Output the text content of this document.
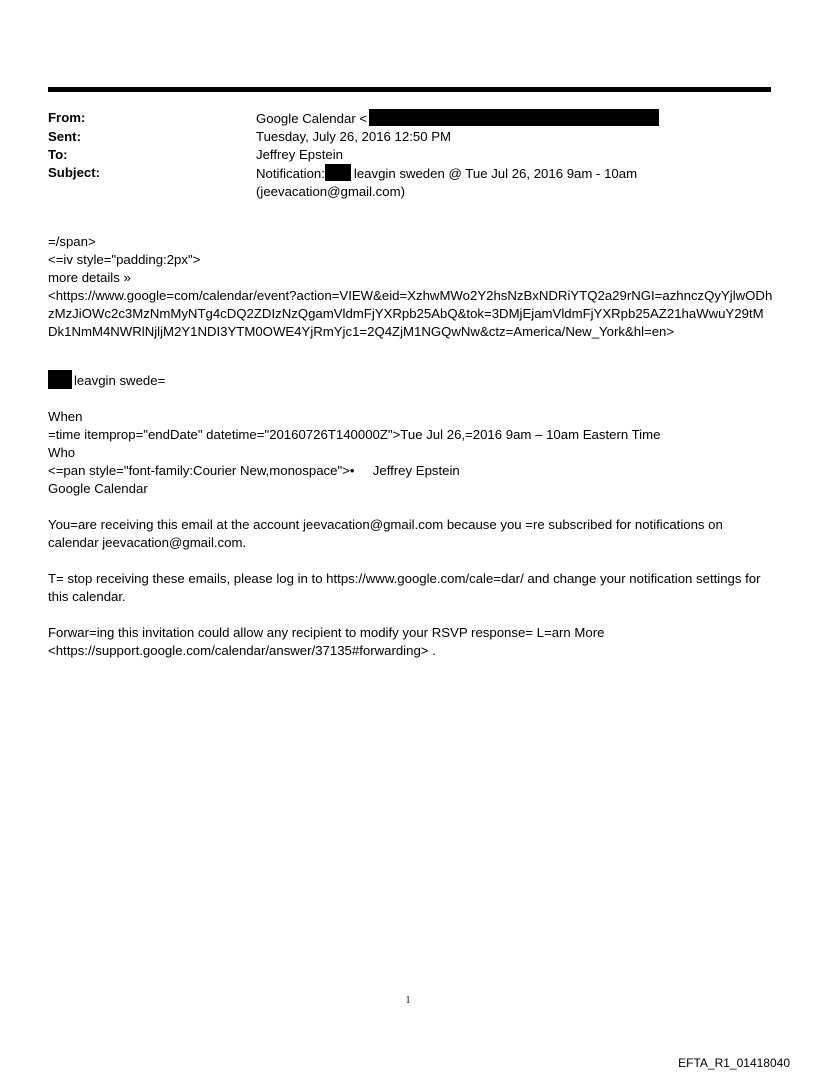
From:	Google Calendar <
Sent:	Tuesday, July 26, 2016 12:50 PM
To:	Jeffrey Epstein
Subject:	Notification: leavgin sweden @ Tue Jul 26, 2016 9am - 10am
(jeevacation@gmail.com)

=/span>

<=iv style="padding:2px">

more details »

<https://www.google=com/calendar/event?action=VIEW&eid=XzhwMWo2Y2hsNzBxNDRiYTQ2a29rNGI=azhnczQyYjlwODhzMzJiOWc2c3MzNmMyNTg4cDQ2ZDIzNzQgamVldmFjYXRpb25AbQ&tok=3DMjEjamVldmFjYXRpb25AZ21haWwuY29tMDk1NmM4NWRlNjljM2Y1NDI3YTM0OWE4YjRmYjc1=2Q4ZjM1NGQwNw&ctz=America/New_York&hl=en>

leavgin swede=

When

=time itemprop="endDate" datetime="20160726T140000Z">Tue Jul 26,=2016 9am – 10am Eastern Time

Who

<=pan style="font-family:Courier New,monospace">•     Jeffrey Epstein

Google Calendar

You=are receiving this email at the account jeevacation@gmail.com because you =re subscribed for notifications on calendar jeevacation@gmail.com.

T= stop receiving these emails, please log in to https://www.google.com/cale=dar/ and change your notification settings for this calendar.

Forwar=ing this invitation could allow any recipient to modify your RSVP response= L=arn More

<https://support.google.com/calendar/answer/37135#forwarding> .

1
EFTA_R1_01418040
